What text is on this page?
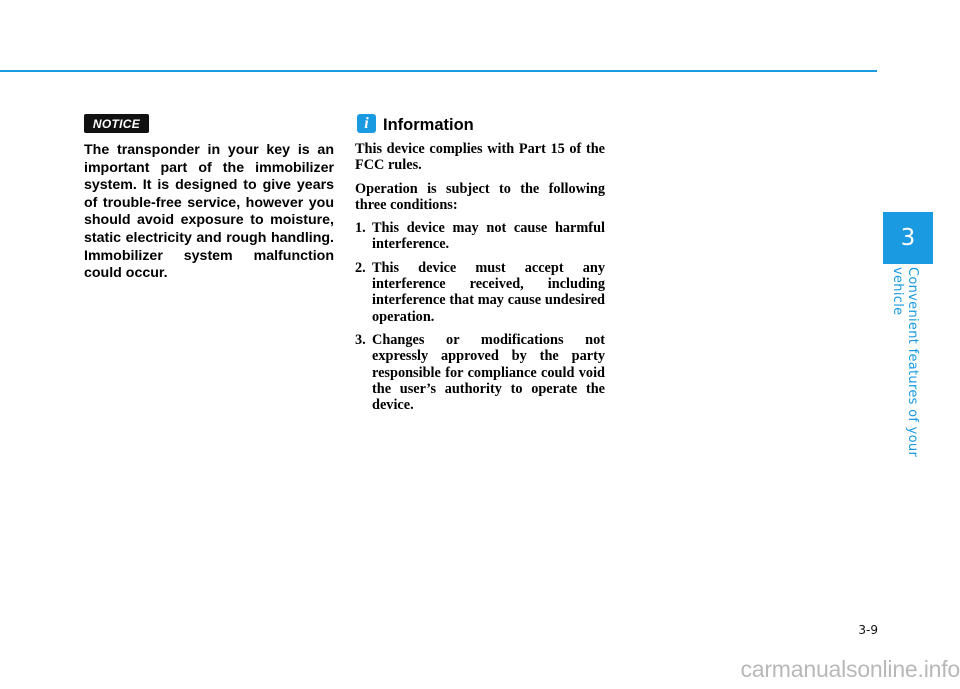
NOTICE
The transponder in your key is an important part of the immobilizer system. It is designed to give years of trouble-free service, however you should avoid exposure to moisture, static electricity and rough handling. Immobilizer system malfunction could occur.
i Information

This device complies with Part 15 of the FCC rules.

Operation is subject to the following three conditions:

1. This device may not cause harmful interference.
2. This device must accept any interference received, including interference that may cause undesired operation.
3. Changes or modifications not expressly approved by the party responsible for compliance could void the user’s authority to operate the device.
3
Convenient features of your vehicle
3-9
carmanualsonline.info
